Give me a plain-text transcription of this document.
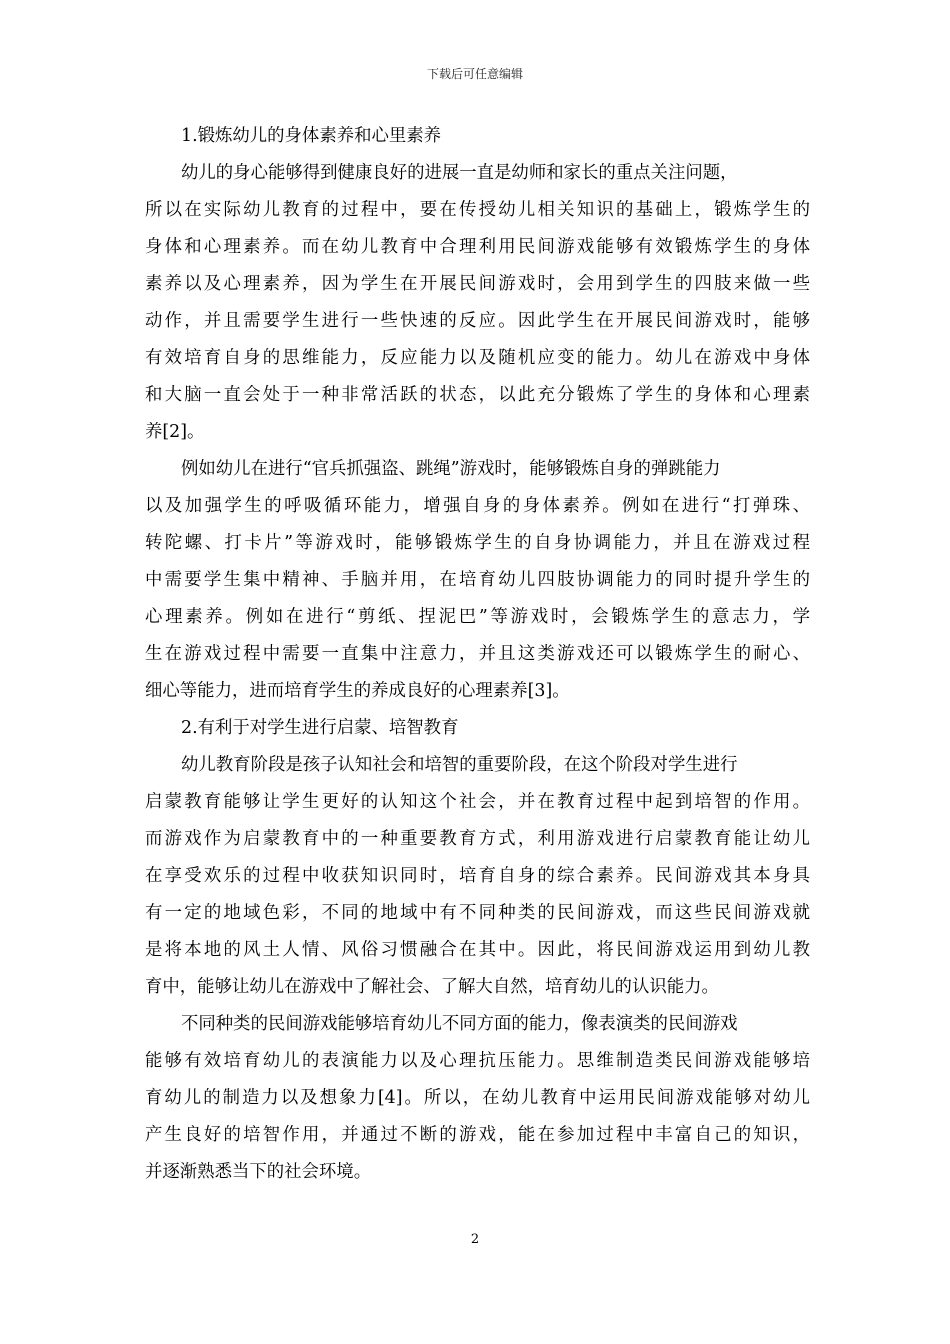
下载后可任意编辑
1.锻炼幼儿的身体素养和心里素养
幼儿的身心能够得到健康良好的进展一直是幼师和家长的重点关注问题，
所以在实际幼儿教育的过程中，要在传授幼儿相关知识的基础上，锻炼学生的
身体和心理素养。而在幼儿教育中合理利用民间游戏能够有效锻炼学生的身体
素养以及心理素养，因为学生在开展民间游戏时，会用到学生的四肢来做一些
动作，并且需要学生进行一些快速的反应。因此学生在开展民间游戏时，能够
有效培育自身的思维能力，反应能力以及随机应变的能力。幼儿在游戏中身体
和大脑一直会处于一种非常活跃的状态，以此充分锻炼了学生的身体和心理素
养[2]。
例如幼儿在进行“官兵抓强盗、跳绳”游戏时，能够锻炼自身的弹跳能力
以及加强学生的呼吸循环能力，增强自身的身体素养。例如在进行“打弹珠、
转陀螺、打卡片”等游戏时，能够锻炼学生的自身协调能力，并且在游戏过程
中需要学生集中精神、手脑并用，在培育幼儿四肢协调能力的同时提升学生的
心理素养。例如在进行“剪纸、捏泥巴”等游戏时，会锻炼学生的意志力，学
生在游戏过程中需要一直集中注意力，并且这类游戏还可以锻炼学生的耐心、
细心等能力，进而培育学生的养成良好的心理素养[3]。
2.有利于对学生进行启蒙、培智教育
幼儿教育阶段是孩子认知社会和培智的重要阶段，在这个阶段对学生进行
启蒙教育能够让学生更好的认知这个社会，并在教育过程中起到培智的作用。
而游戏作为启蒙教育中的一种重要教育方式，利用游戏进行启蒙教育能让幼儿
在享受欢乐的过程中收获知识同时，培育自身的综合素养。民间游戏其本身具
有一定的地域色彩，不同的地域中有不同种类的民间游戏，而这些民间游戏就
是将本地的风土人情、风俗习惯融合在其中。因此，将民间游戏运用到幼儿教
育中，能够让幼儿在游戏中了解社会、了解大自然，培育幼儿的认识能力。
不同种类的民间游戏能够培育幼儿不同方面的能力，像表演类的民间游戏
能够有效培育幼儿的表演能力以及心理抗压能力。思维制造类民间游戏能够培
育幼儿的制造力以及想象力[4]。所以，在幼儿教育中运用民间游戏能够对幼儿
产生良好的培智作用，并通过不断的游戏，能在参加过程中丰富自己的知识，
并逐渐熟悉当下的社会环境。
2
